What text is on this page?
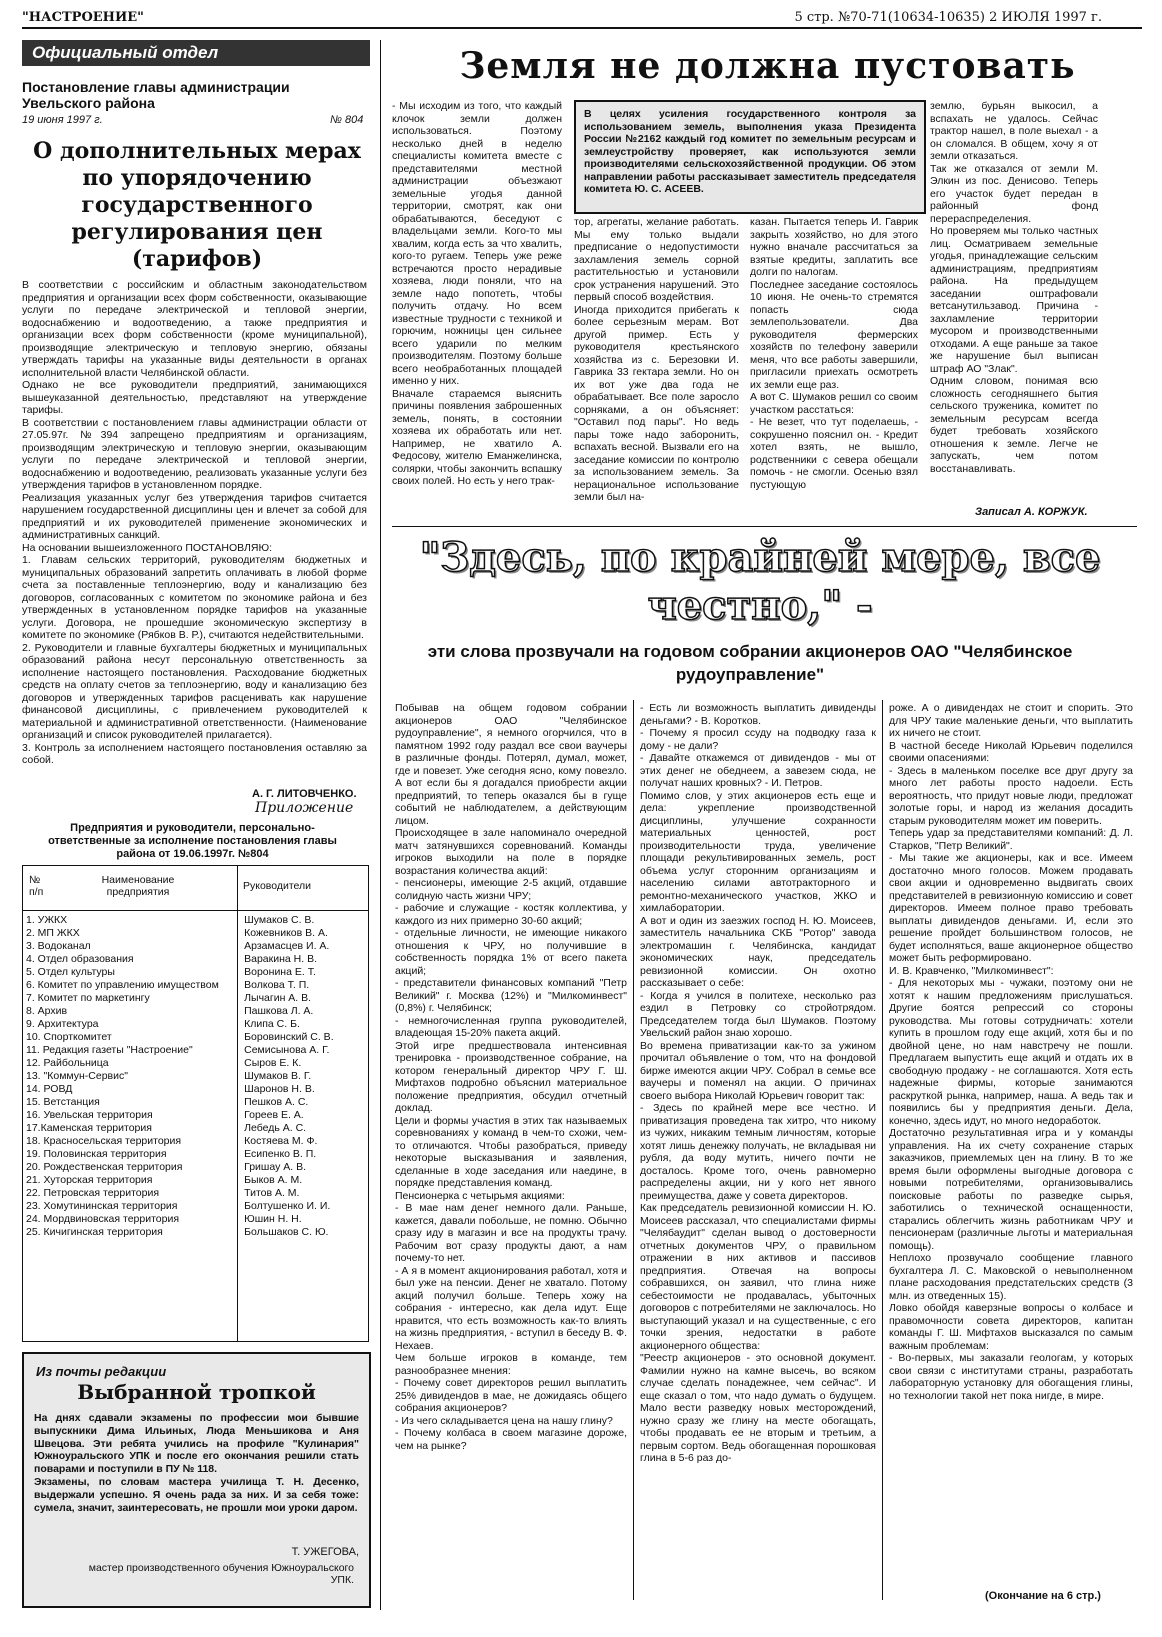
"НАСТРОЕНИЕ"	5 стр. №70-71(10634-10635) 2 ИЮЛЯ 1997 г.
Официальный отдел
Постановление главы администрации Увельского района
19 июня 1997 г.	№ 804
О дополнительных мерах по упорядочению государственного регулирования цен (тарифов)
В соответствии с российским и областным законодательством предприятия и организации всех форм собственности, оказывающие услуги по передаче электрической и тепловой энергии, водоснабжению и водоотведению, а также предприятия и организации всех форм собственности (кроме муниципальной), производящие электрическую и тепловую энергию, обязаны утверждать тарифы на указанные виды деятельности в органах исполнительной власти Челябинской области.
Однако не все руководители предприятий, занимающихся вышеуказанной деятельностью, представляют на утверждение тарифы.
В соответствии с постановлением главы администрации области от 27.05.97г. №394 запрещено предприятиям и организациям, производящим электрическую и тепловую энергии, оказывающим услуги по передаче электрической и тепловой энергии, водоснабжению и водоотведению, реализовать указанные услуги без утверждения тарифов в установленном порядке.
Реализация указанных услуг без утверждения тарифов считается нарушением государственной дисциплины цен и влечет за собой для предприятий и их руководителей применение экономических и административных санкций.
На основании вышеизложенного ПОСТАНОВЛЯЮ:
1. Главам сельских территорий, руководителям бюджетных и муниципальных образований запретить оплачивать в любой форме счета за поставленные теплоэнергию, воду и канализацию без договоров, согласованных с комитетом по экономике района и без утвержденных в установленном порядке тарифов на указанные услуги. Договора, не прошедшие экономическую экспертизу в комитете по экономике (Рябков В. Р.), считаются недействительными.
2. Руководители и главные бухгалтеры бюджетных и муниципальных образований района несут персональную ответственность за исполнение настоящего постановления. Расходование бюджетных средств на оплату счетов за теплоэнергию, воду и канализацию без договоров и утвержденных тарифов расценивать как нарушение финансовой дисциплины, с привлечением руководителей к материальной и административной ответственности. (Наименование организаций и список руководителей прилагается).
3. Контроль за исполнением настоящего постановления оставляю за собой.
А. Г. ЛИТОВЧЕНКО.
Приложение
Предприятия и руководители, персонально-ответственные за исполнение постановления главы района от 19.06.1997г. №804
№ п/п
Наименование предприятия	Руководители
1. УЖКХ	Шумаков С. В.
2. МП ЖКХ	Кожевников В. А.
3. Водоканал	Арзамасцев И. А.
4. Отдел образования	Варакина Н. В.
5. Отдел культуры	Воронина Е. Т.
6. Комитет по управлению имуществом	Волкова Т. П.
7. Комитет по маркетингу	Лычагин А. В.
8. Архив	Пашкова Л. А.
9. Архитектура	Клипа С. Б.
10. Спорткомитет	Боровинский С. В.
11. Редакция газеты "Настроение"	Семисынова А. Г.
12. Райбольница	Сыров Е. К.
13. "Коммун-Сервис"	Шумаков В. Г.
14. РОВД	Шаронов Н. В.
15. Ветстанция	Пешков А. С.
16. Увельская территория	Гореев Е. А.
17.Каменская территория	Лебедь А. С.
18. Красносельская территория	Костяева М. Ф.
19. Половинская территория	Есипенко В. П.
20. Рождественская территория	Гришау А. В.
21. Хуторская территория	Быков А. М.
22. Петровская территория	Титов А. М.
23. Хомутининская территория	Болтушенко И. И.
24. Мордвиновская территория	Юшин Н. Н.
25. Кичигинская территория	Большаков С. Ю.
Из почты редакции
Выбранной тропкой
На днях сдавали экзамены по профессии мои бывшие выпускники Дима Ильиных, Люда Меньшикова и Аня Швецова. Эти ребята учились на профиле "Кулинария" Южноуральского УПК и после его окончания решили стать поварами и поступили в ПУ № 118.
Экзамены, по словам мастера училища Т. Н. Десенко, выдержали успешно. Я очень рада за них. И за себя тоже: сумела, значит, заинтересовать, не прошли мои уроки даром.
Т. УЖЕГОВА,
мастер производственного обучения Южноуральского УПК.
Земля не должна пустовать
- Мы исходим из того, что каждый клочок земли должен использоваться. Поэтому несколько дней в неделю специалисты комитета вместе с представителями местной администрации объезжают земельные угодья данной территории, смотрят, как они обрабатываются, беседуют с владельцами земли. Кого-то мы хвалим, когда есть за что хвалить, кого-то ругаем. Теперь уже реже встречаются просто нерадивые хозяева, люди поняли, что на земле надо попотеть, чтобы получить отдачу. Но всем известные трудности с техникой и горючим, ножницы цен сильнее всего ударили по мелким производителям. Поэтому больше всего необработанных площадей именно у них.
Вначале стараемся выяснить причины появления заброшенных земель, понять, в состоянии хозяева их обработать или нет. Например, не хватило А. Федосову, жителю Еманжелинска, солярки, чтобы закончить вспашку своих полей. Но есть у него трак-
В целях усиления государственного контроля за использованием земель, выполнения указа Президента России №2162 каждый год комитет по земельным ресурсам и землеустройству проверяет, как используются земли производителями сельскохозяйственной продукции. Об этом направлении работы рассказывает заместитель председателя комитета Ю. С. АСЕЕВ.
тор, агрегаты, желание работать. Мы ему только выдали предписание о недопустимости захламления земель сорной растительностью и установили срок устранения нарушений. Это первый способ воздействия.
Иногда приходится прибегать к более серьезным мерам. Вот другой пример. Есть у руководителя крестьянского хозяйства из с. Березовки И. Гаврика 33 гектара земли. Но он их вот уже два года не обрабатывает. Все поле заросло сорняками, а он объясняет: "Оставил под пары". Но ведь пары тоже надо заборонить, вспахать весной. Вызвали его на заседание комиссии по контролю за использованием земель. За нерациональное использование земли был на-
казан. Пытается теперь И. Гаврик закрыть хозяйство, но для этого нужно вначале рассчитаться за взятые кредиты, заплатить все долги по налогам.
Последнее заседание состоялось 10 июня. Не очень-то стремятся попасть сюда землепользователи. Два руководителя фермерских хозяйств по телефону заверили меня, что все работы завершили, пригласили приехать осмотреть их земли еще раз.
А вот С. Шумаков решил со своим участком расстаться:
- Не везет, что тут поделаешь, - сокрушенно пояснил он. - Кредит хотел взять, не вышло, родственники с севера обещали помочь - не смогли. Осенью взял пустующую
землю, бурьян выкосил, а вспахать не удалось. Сейчас трактор нашел, в поле выехал - а он сломался. В общем, хочу я от земли отказаться.
Так же отказался от земли М. Элкин из пос. Денисово. Теперь его участок будет передан в районный фонд перераспределения.
Но проверяем мы только частных лиц. Осматриваем земельные угодья, принадлежащие сельским администрациям, предприятиям района. На предыдущем заседании оштрафовали ветсанутильзавод. Причина - захламление территории мусором и производственными отходами. А еще раньше за такое же нарушение был выписан штраф АО "Злак".
Одним словом, понимая всю сложность сегодняшнего бытия сельского труженика, комитет по земельным ресурсам всегда будет требовать хозяйского отношения к земле. Легче не запускать, чем потом восстанавливать.
Записал А. КОРЖУК.
"Здесь, по крайней мере, все честно," -
эти слова прозвучали на годовом собрании акционеров ОАО "Челябинское рудоуправление"
Побывав на общем годовом собрании акционеров ОАО "Челябинское рудоуправление", я немного огорчился, что в памятном 1992 году раздал все свои ваучеры в различные фонды. Потерял, думал, может, где и повезет. Уже сегодня ясно, кому повезло. А вот если бы я догадался приобрести акции предприятий, то теперь оказался бы в гуще событий не наблюдателем, а действующим лицом.
Происходящее в зале напоминало очередной матч затянувшихся соревнований. Команды игроков выходили на поле в порядке возрастания количества акций:
- пенсионеры, имеющие 2-5 акций, отдавшие солидную часть жизни ЧРУ;
- рабочие и служащие - костяк коллектива, у каждого из них примерно 30-60 акций;
- отдельные личности, не имеющие никакого отношения к ЧРУ, но получившие в собственность порядка 1% от всего пакета акций;
- представители финансовых компаний "Петр Великий" г. Москва (12%) и "Милкоминвест" (0,8%) г. Челябинск;
- немногочисленная группа руководителей, владеющая 15-20% пакета акций.
Этой игре предшествовала интенсивная тренировка - производственное собрание, на котором генеральный директор ЧРУ Г. Ш. Мифтахов подробно объяснил материальное положение предприятия, обсудил отчетный доклад.
Цели и формы участия в этих так называемых соревнованиях у команд в чем-то схожи, чем-то отличаются. Чтобы разобраться, приведу некоторые высказывания и заявления, сделанные в ходе заседания или наедине, в порядке представления команд.
Пенсионерка с четырьмя акциями:
- В мае нам денег немного дали. Раньше, кажется, давали побольше, не помню. Обычно сразу иду в магазин и все на продукты трачу. Рабочим вот сразу продукты дают, а нам почему-то нет.
- А я в момент акционирования работал, хотя и был уже на пенсии. Денег не хватало. Потому акций получил больше. Теперь хожу на собрания - интересно, как дела идут. Еще нравится, что есть возможность как-то влиять на жизнь предприятия, - вступил в беседу В. Ф. Нехаев.
Чем больше игроков в команде, тем разнообразнее мнения:
- Почему совет директоров решил выплатить 25% дивидендов в мае, не дожидаясь общего собрания акционеров?
- Из чего складывается цена на нашу глину?
- Почему колбаса в своем магазине дороже, чем на рынке?
- Есть ли возможность выплатить дивиденды деньгами? - В. Коротков.
- Почему я просил ссуду на подводку газа к дому - не дали?
- Давайте откажемся от дивидендов - мы от этих денег не обеднеем, а завезем сюда, не получат наших кровных? - И. Петров.
Помимо слов, у этих акционеров есть еще и дела: укрепление производственной дисциплины, улучшение сохранности материальных ценностей, рост производительности труда, увеличение площади рекультивированных земель, рост объема услуг сторонним организациям и населению силами автотракторного и ремонтно-механического участков, ЖКО и химлаборатории.
А вот и один из заезжих господ Н. Ю. Моисеев, заместитель начальника СКБ "Ротор" завода электромашин г. Челябинска, кандидат экономических наук, председатель ревизионной комиссии. Он охотно рассказывает о себе:
- Когда я учился в политехе, несколько раз ездил в Петровку со стройотрядом. Председателем тогда был Шумаков. Поэтому Увельский район знаю хорошо.
Во времена приватизации как-то за ужином прочитал объявление о том, что на фондовой бирже имеются акции ЧРУ. Собрал в семье все ваучеры и поменял на акции. О причинах своего выбора Николай Юрьевич говорит так:
- Здесь по крайней мере все честно. И приватизация проведена так хитро, что никому из чужих, никаким темным личностям, которые хотят лишь денежку получать, не вкладывая ни рубля, да воду мутить, ничего почти не досталось. Кроме того, очень равномерно распределены акции, ни у кого нет явного преимущества, даже у совета директоров.
Как председатель ревизионной комиссии Н. Ю. Моисеев рассказал, что специалистами фирмы "Челябаудит" сделан вывод о достоверности отчетных документов ЧРУ, о правильном отражении в них активов и пассивов предприятия. Отвечая на вопросы собравшихся, он заявил, что глина ниже себестоимости не продавалась, убыточных договоров с потребителями не заключалось. Но выступающий указал и на существенные, с его точки зрения, недостатки в работе акционерного общества:
"Реестр акционеров - это основной документ. Фамилии нужно на камне высечь, во всяком случае сделать понадежнее, чем сейчас". И еще сказал о том, что надо думать о будущем. Мало вести разведку новых месторождений, нужно сразу же глину на месте обогащать, чтобы продавать ее не вторым и третьим, а первым сортом. Ведь обогащенная порошковая глина в 5-6 раз до-
роже. А о дивидендах не стоит и спорить. Это для ЧРУ такие маленькие деньги, что выплатить их ничего не стоит.
В частной беседе Николай Юрьевич поделился своими опасениями:
- Здесь в маленьком поселке все друг другу за много лет работы просто надоели. Есть вероятность, что придут новые люди, предложат золотые горы, и народ из желания досадить старым руководителям может им поверить.
Теперь удар за представителями компаний: Д. Л. Старков, "Петр Великий".
- Мы такие же акционеры, как и все. Имеем достаточно много голосов. Можем продавать свои акции и одновременно выдвигать своих представителей в ревизионную комиссию и совет директоров. Имеем полное право требовать выплаты дивидендов деньгами. И, если это решение пройдет большинством голосов, не будет исполняться, ваше акционерное общество может быть реформировано.
И. В. Кравченко, "Милкоминвест":
- Для некоторых мы - чужаки, поэтому они не хотят к нашим предложениям прислушаться. Другие боятся репрессий со стороны руководства. Мы готовы сотрудничать: хотели купить в прошлом году еще акций, хотя бы и по двойной цене, но нам навстречу не пошли. Предлагаем выпустить еще акций и отдать их в свободную продажу - не соглашаются. Хотя есть надежные фирмы, которые занимаются раскруткой рынка, например, наша. А ведь так и появились бы у предприятия деньги. Дела, конечно, здесь идут, но много недоработок.
Достаточно результативная игра и у команды управления. На их счету сохранение старых заказчиков, приемлемых цен на глину. В то же время были оформлены выгодные договора с новыми потребителями, организовывались поисковые работы по разведке сырья, заботились о технической оснащенности, старались облегчить жизнь работникам ЧРУ и пенсионерам (различные льготы и материальная помощь).
Неплохо прозвучало сообщение главного бухгалтера Л. С. Маковской о невыполненном плане расходования предстательских средств (3 млн. из отведенных 15).
Ловко обойдя каверзные вопросы о колбасе и правомочности совета директоров, капитан команды Г. Ш. Мифтахов высказался по самым важным проблемам:
- Во-первых, мы заказали геологам, у которых свои связи с институтами страны, разработать лабораторную установку для обогащения глины, но технологии такой нет пока нигде, в мире.
(Окончание на 6 стр.)
